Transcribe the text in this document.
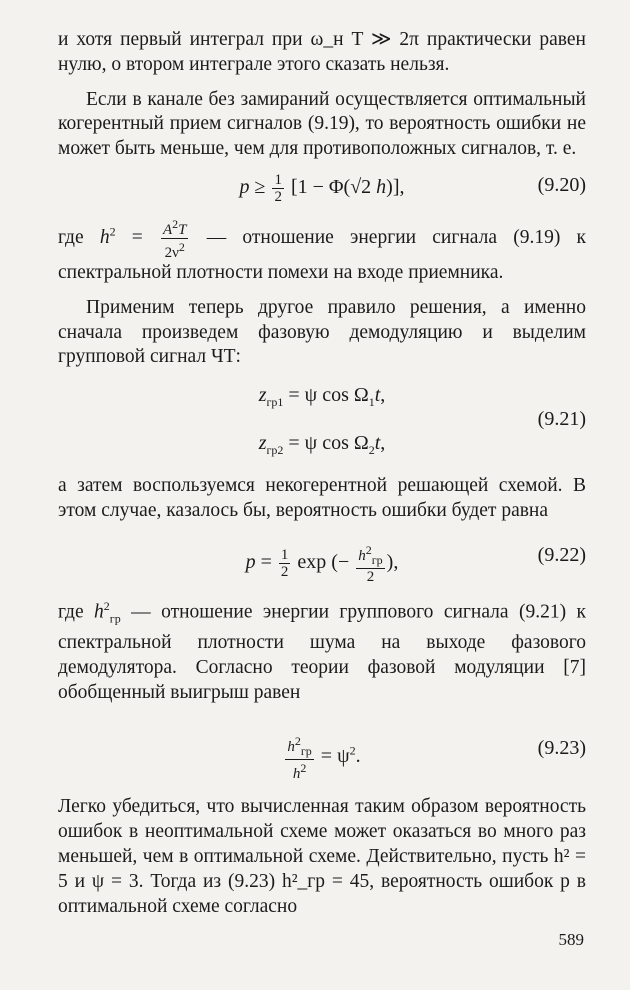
и хотя первый интеграл при ω_н T ≫ 2π практически равен нулю, о втором интеграле этого сказать нельзя.

Если в канале без замираний осуществляется оптимальный когерентный прием сигналов (9.19), то вероятность ошибки не может быть меньше, чем для противоположных сигналов, т. е.

$p \ge \frac{1}{2} [1 - \Phi(√2$ h)],	(9.20)

где $h^2 = \frac{A^2T}{2\nu^2}$ — отношение энергии сигнала (9.19) к спектральной плотности помехи на входе приемника.

Применим теперь другое правило решения, а именно сначала произведем фазовую демодуляцию и выделим групповой сигнал ЧТ:

$z_{гр1} = \psi$ $\cos \Omega_1t$,
$z_{гр2} = \psi$ $\cos \Omega_2t$,
(9.21)

а затем воспользуемся некогерентной решающей схемой. В этом случае, казалось бы, вероятность ошибки будет равна

$p = \frac{1}{2}$ exp (− $\frac{h^2_{гр}}{2}$ ),	(9.22)

где $h^2_{гр}$ — отношение энергии группового сигнала (9.21) к спектральной плотности шума на выходе фазового демодулятора. Согласно теории фазовой модуляции [7] обобщенный выигрыш равен

$\frac{h^2_{гр}}{h^2} = \psi^2$.	(9.23)

Легко убедиться, что вычисленная таким образом вероятность ошибок в неоптимальной схеме может оказаться во много раз меньшей, чем в оптимальной схеме. Действительно, пусть h² = 5 и ψ = 3. Тогда из (9.23) h²_гр = 45, вероятность ошибок p в оптимальной схеме согласно

589
